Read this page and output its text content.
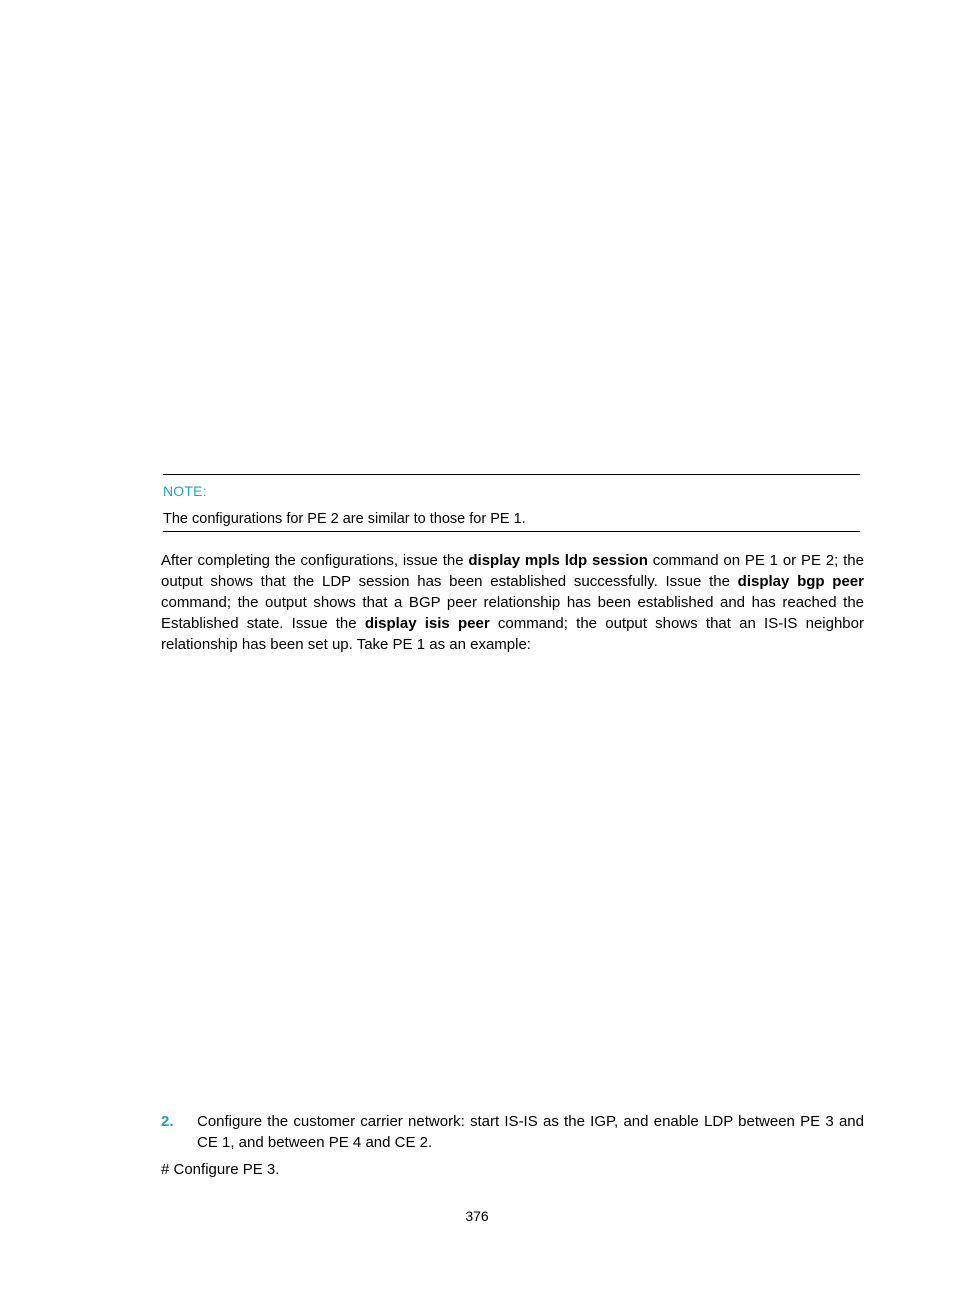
NOTE:
The configurations for PE 2 are similar to those for PE 1.
After completing the configurations, issue the display mpls ldp session command on PE 1 or PE 2; the output shows that the LDP session has been established successfully. Issue the display bgp peer command; the output shows that a BGP peer relationship has been established and has reached the Established state. Issue the display isis peer command; the output shows that an IS-IS neighbor relationship has been set up. Take PE 1 as an example:
2. Configure the customer carrier network: start IS-IS as the IGP, and enable LDP between PE 3 and CE 1, and between PE 4 and CE 2.
# Configure PE 3.
376
